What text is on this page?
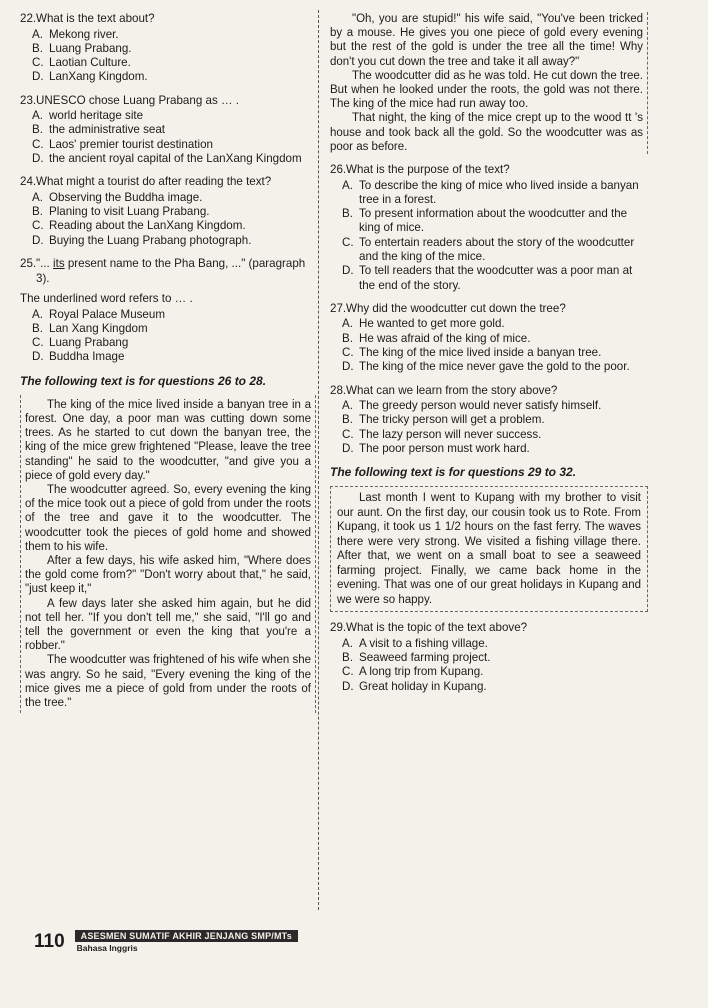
22. What is the text about?
A. Mekong river.
B. Luang Prabang.
C. Laotian Culture.
D. LanXang Kingdom.
23. UNESCO chose Luang Prabang as … .
A. world heritage site
B. the administrative seat
C. Laos' premier tourist destination
D. the ancient royal capital of the LanXang Kingdom
24. What might a tourist do after reading the text?
A. Observing the Buddha image.
B. Planing to visit Luang Prabang.
C. Reading about the LanXang Kingdom.
D. Buying the Luang Prabang photograph.
25. "... its present name to the Pha Bang, ..." (paragraph 3).
The underlined word refers to … .
A. Royal Palace Museum
B. Lan Xang Kingdom
C. Luang Prabang
D. Buddha Image

The following text is for questions 26 to 28.

The king of the mice lived inside a banyan tree in a forest. One day, a poor man was cutting down some trees. As he started to cut down the banyan tree, the king of the mice grew frightened "Please, leave the tree standing" he said to the woodcutter, "and give you a piece of gold every day."

The woodcutter agreed. So, every evening the king of the mice took out a piece of gold from under the roots of the tree and gave it to the woodcutter. The woodcutter took the pieces of gold home and showed them to his wife.

After a few days, his wife asked him, "Where does the gold come from?" "Don't worry about that," he said, "just keep it,"

A few days later she asked him again, but he did not tell her. "If you don't tell me," she said, "I'll go and tell the government or even the king that you're a robber."

The woodcutter was frightened of his wife when she was angry. So he said, "Every evening the king of the mice gives me a piece of gold from under the roots of the tree."

"Oh, you are stupid!" his wife said, "You've been tricked by a mouse. He gives you one piece of gold every evening but the rest of the gold is under the tree all the time! Why don't you cut down the tree and take it all away?"

The woodcutter did as he was told. He cut down the tree. But when he looked under the roots, the gold was not there. The king of the mice had run away too.

That night, the king of the mice crept up to the wood tt 's house and took back all the gold. So the woodcutter was as poor as before.

26. What is the purpose of the text?
A. To describe the king of mice who lived inside a banyan tree in a forest.
B. To present information about the woodcutter and the king of mice.
C. To entertain readers about the story of the woodcutter and the king of the mice.
D. To tell readers that the woodcutter was a poor man at the end of the story.
27. Why did the woodcutter cut down the tree?
A. He wanted to get more gold.
B. He was afraid of the king of mice.
C. The king of the mice lived inside a banyan tree.
D. The king of the mice never gave the gold to the poor.
28. What can we learn from the story above?
A. The greedy person would never satisfy himself.
B. The tricky person will get a problem.
C. The lazy person will never success.
D. The poor person must work hard.

The following text is for questions 29 to 32.

Last month I went to Kupang with my brother to visit our aunt. On the first day, our cousin took us to Rote. From Kupang, it took us 1 1/2 hours on the fast ferry. The waves there were very strong. We visited a fishing village there. After that, we went on a small boat to see a seaweed farming project. Finally, we came back home in the evening. That was one of our great holidays in Kupang and we were so happy.

29. What is the topic of the text above?
A. A visit to a fishing village.
B. Seaweed farming project.
C. A long trip from Kupang.
D. Great holiday in Kupang.
110	ASESMEN SUMATIF AKHIR JENJANG SMP/MTs
Bahasa Inggris
